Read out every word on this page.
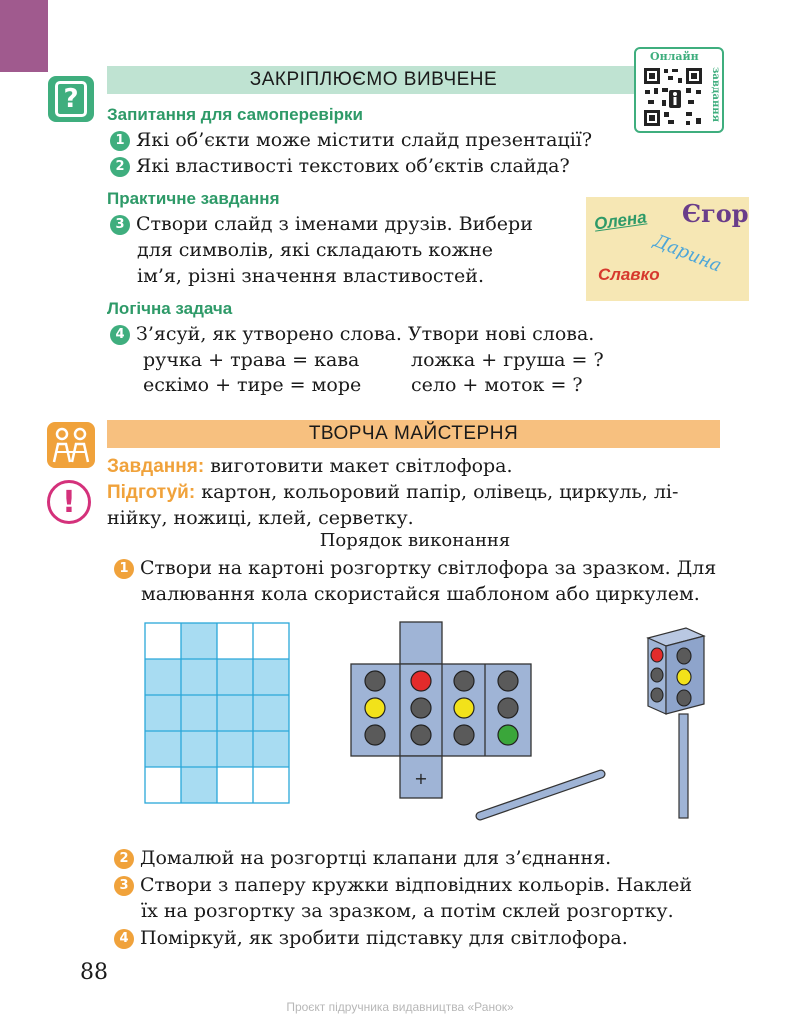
?
ЗАКРІПЛЮЄМО ВИВЧЕНЕ
Онлайн
завдання
Запитання для самоперевірки
1 Які об’єкти може містити слайд презентації?
2 Які властивості текстових об’єктів слайда?
Практичне завдання
3 Створи слайд з іменами друзів. Вибери
для символів, які складають кожне
ім’я, різні значення властивостей.
Олена Єгор
Дарина
Славко
Логічна задача
4 З’ясуй, як утворено слова. Утвори нові слова.
ручка + трава = кава	ложка + груша = ?
ескімо + тире = море	село + моток = ?
ТВОРЧА МАЙСТЕРНЯ
Завдання: виготовити макет світлофора.
!	Підготуй: картон, кольоровий папір, олівець, циркуль, лі-
нійку, ножиці, клей, серветку.
Порядок виконання
1 Створи на картоні розгортку світлофора за зразком. Для
малювання кола скористайся шаблоном або циркулем.
+
2 Домалюй на розгортці клапани для з’єднання.
3 Створи з паперу кружки відповідних кольорів. Наклей
їх на розгортку за зразком, а потім склей розгортку.
4 Поміркуй, як зробити підставку для світлофора.
88
Проєкт підручника видавництва «Ранок»
